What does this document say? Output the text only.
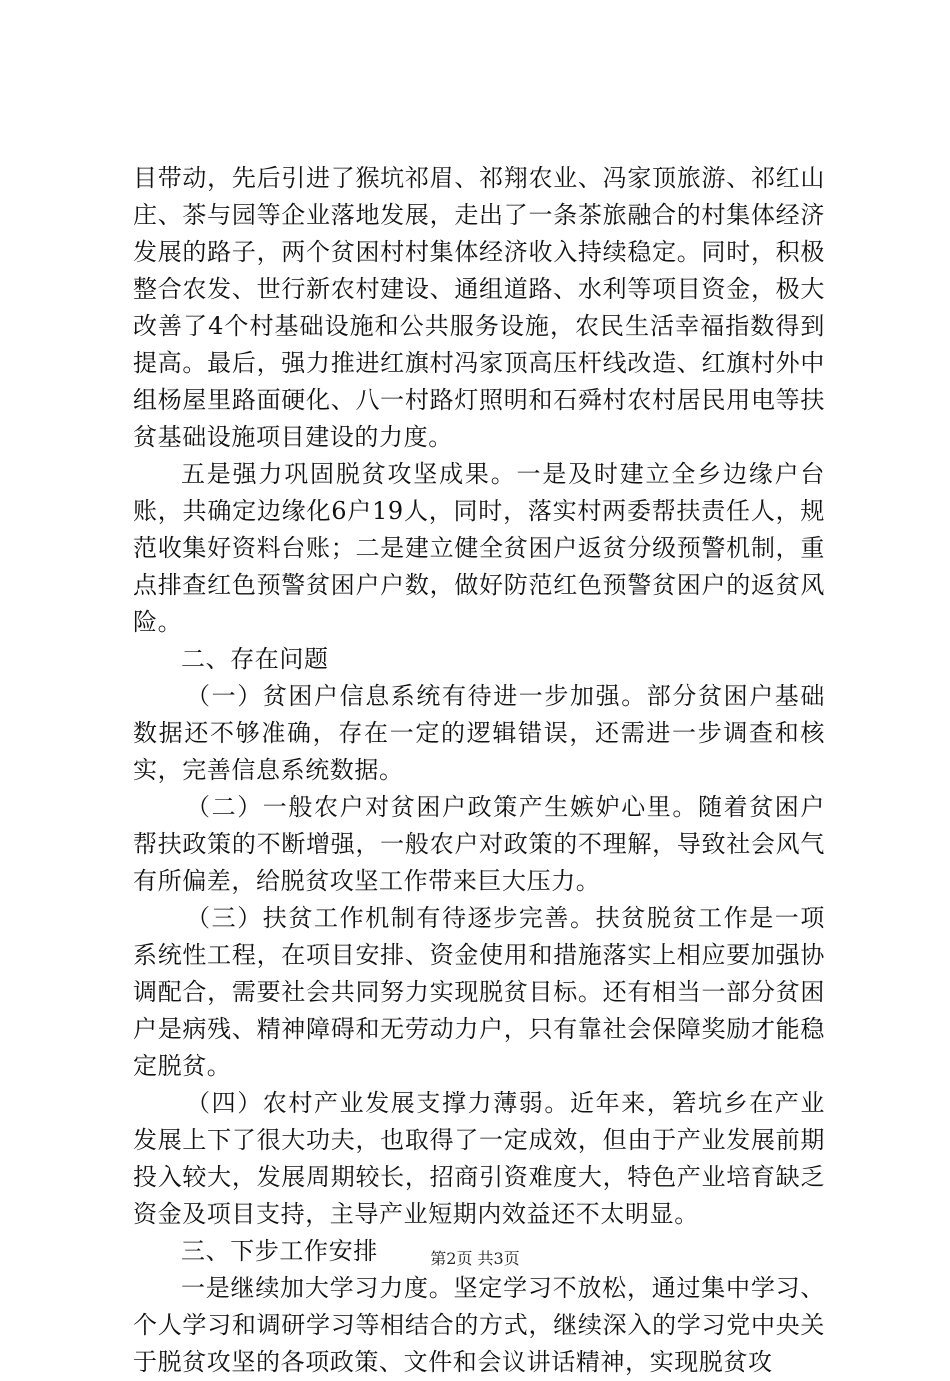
目带动，先后引进了猴坑祁眉、祁翔农业、冯家顶旅游、祁红山庄、茶与园等企业落地发展，走出了一条茶旅融合的村集体经济发展的路子，两个贫困村村集体经济收入持续稳定。同时，积极整合农发、世行新农村建设、通组道路、水利等项目资金，极大改善了4个村基础设施和公共服务设施，农民生活幸福指数得到提高。最后，强力推进红旗村冯家顶高压杆线改造、红旗村外中组杨屋里路面硬化、八一村路灯照明和石舜村农村居民用电等扶贫基础设施项目建设的力度。

五是强力巩固脱贫攻坚成果。一是及时建立全乡边缘户台账，共确定边缘化6户19人，同时，落实村两委帮扶责任人，规范收集好资料台账；二是建立健全贫困户返贫分级预警机制，重点排查红色预警贫困户户数，做好防范红色预警贫困户的返贫风险。

二、存在问题

（一）贫困户信息系统有待进一步加强。部分贫困户基础数据还不够准确，存在一定的逻辑错误，还需进一步调查和核实，完善信息系统数据。

（二）一般农户对贫困户政策产生嫉妒心里。随着贫困户帮扶政策的不断增强，一般农户对政策的不理解，导致社会风气有所偏差，给脱贫攻坚工作带来巨大压力。

（三）扶贫工作机制有待逐步完善。扶贫脱贫工作是一项系统性工程，在项目安排、资金使用和措施落实上相应要加强协调配合，需要社会共同努力实现脱贫目标。还有相当一部分贫困户是病残、精神障碍和无劳动力户，只有靠社会保障奖励才能稳定脱贫。

（四）农村产业发展支撑力薄弱。近年来，箬坑乡在产业发展上下了很大功夫，也取得了一定成效，但由于产业发展前期投入较大，发展周期较长，招商引资难度大，特色产业培育缺乏资金及项目支持，主导产业短期内效益还不太明显。

三、下步工作安排

一是继续加大学习力度。坚定学习不放松，通过集中学习、个人学习和调研学习等相结合的方式，继续深入的学习党中央关于脱贫攻坚的各项政策、文件和会议讲话精神，实现脱贫攻

第2页 共3页
